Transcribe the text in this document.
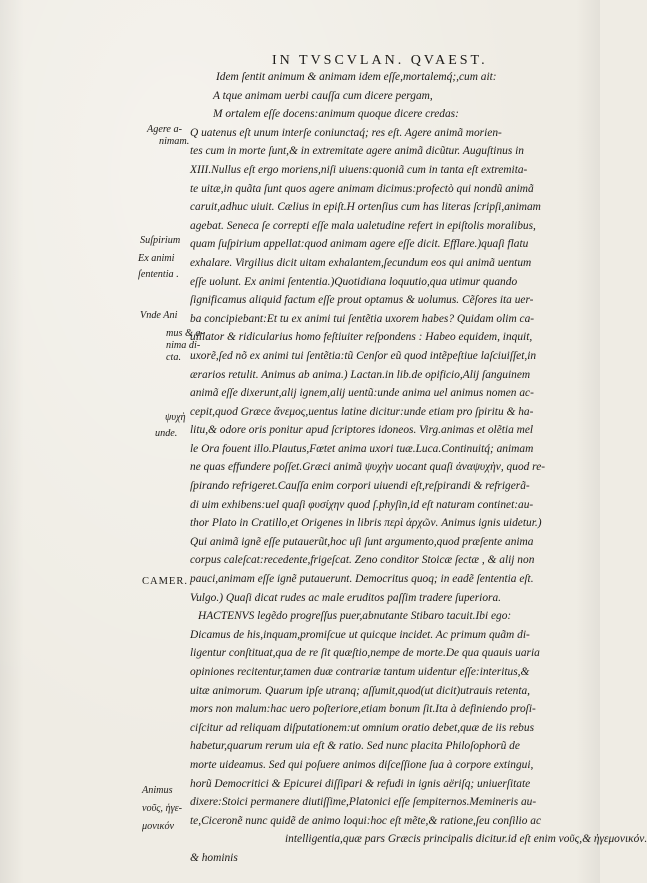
IN TVSCVLAN. QVAEST.
Idem ſentit animum & animam idem eſſe,mortalemq́;,cum ait:
A tque animam uerbi cauſſa cum dicere pergam,
M ortalem eſſe docens:animum quoque dicere credas:
Q uatenus eſt unum interſe coniunctaq́; res eſt. Agere animã morien-
tes cum in morte ſunt,& in extremitate agere animã dicũtur. Auguſtinus in
XIII.Nullus eſt ergo moriens,niſi uiuens:quoniã cum in tanta eſt extremita-
te uitæ,in quãta ſunt quos agere animam dicimus:profectò qui nondũ animã
caruit,adhuc uiuit. Cælius in epiſt.H ortenſius cum has literas ſcripſi,animam
agebat. Seneca ſe correpti eſſe mala ualetudine refert in epiſtolis moralibus,
quam ſuſpirium appellat:quod animam agere eſſe dicit. Efflare.)quaſi flatu
exhalare. Virgilius dicit uitam exhalantem,ſecundum eos qui animã uentum
eſſe uolunt. Ex animi ſententia.)Quotidiana loquutio,qua utimur quando
ſignificamus aliquid factum eſſe prout optamus & uolumus. Cẽſores ita uer-
ba concipiebant:Et tu ex animi tui ſentẽtia uxorem habes? Quidam olim ca-
uillator & ridicularius homo feſtiuiter reſpondens : Habeo equidem, inquit,
uxorẽ,ſed nõ ex animi tui ſentẽtia:tũ Cenſor eũ quod intẽpeſtiue laſciuiſſet,in
ærarios retulit. Animus ab anima.) Lactan.in lib.de opificio,Alij ſanguinem
animã eſſe dixerunt,alij ignem,alij uentũ:unde anima uel animus nomen ac-
cepit,quod Græce ἄνεμος,uentus latine dicitur:unde etiam pro ſpiritu & ha-
litu,& odore oris ponitur apud ſcriptores idoneos. Virg.animas et olẽtia mel
le Ora fouent illo.Plautus,Fœtet anima uxori tuæ.Luca.Continuitq́; animam
ne quas effundere poſſet.Græci animã ψυχὴν uocant quaſi ἀναψυχὴν, quod re-
ſpirando refrigeret.Cauſſa enim corpori uiuendi eſt,reſpirandi & refrigerã-
di uim exhibens:uel quaſi φυσίχην quod ſ.phyſin,id eſt naturam continet:au-
thor Plato in Cratillo,et Origenes in libris περὶ ἀρχῶν. Animus ignis uidetur.)
Qui animã ignẽ eſſe putauerũt,hoc uſi ſunt argumento,quod præſente anima
corpus caleſcat:recedente,frigeſcat. Zeno conditor Stoicæ ſectæ , & alij non
pauci,animam eſſe ignẽ putauerunt. Democritus quoq; in eadẽ ſententia eſt.
Vulgo.) Quaſi dicat rudes ac male eruditos paſſim tradere ſuperiora.
HACTENVS legẽdo progreſſus puer,abnutante Stibaro tacuit.Ibi ego:
Dicamus de his,inquam,promiſcue ut quicque incidet. Ac primum quãm di-
ligentur conſtituat,qua de re ſit quæſtio,nempe de morte.De qua quauis uaria
opiniones recitentur,tamen duæ contrariæ tantum uidentur eſſe:interitus,&
uitæ animorum. Quarum ipſe utranq; aſſumit,quod(ut dicit)utrauis retenta,
mors non malum:hac uero poſteriore,etiam bonum ſit.Ita à definiendo proſi-
ciſcitur ad reliquam diſputationem:ut omnium oratio debet,quæ de iis rebus
habetur,quarum rerum uia eſt & ratio. Sed nunc placita Philoſophorũ de
morte uideamus. Sed qui poſuere animos diſceſſione ſua à corpore extingui,
horũ Democritici & Epicurei diſſipari & refudi in ignis aëriſq; uniuerſitate
dixere:Stoici permanere diutiſſime,Platonici eſſe ſempiternos.Memineris au-
te,Ciceronẽ nunc quidẽ de animo loqui:hoc eſt mẽte,& ratione,ſeu conſilio ac
intelligentia,quæ pars Græcis principalis dicitur.id eſt enim νοῦς,& ἡγεμονικόν.
& hominis
Agere a-
nimam.
Suſpirium
Ex animi
ſententia .
Vnde Ani
mus & a-
nima di-
cta.
ψυχὴ
unde.
CAMER.
Animus
νοῦς, ἡγε-
μονικόν
